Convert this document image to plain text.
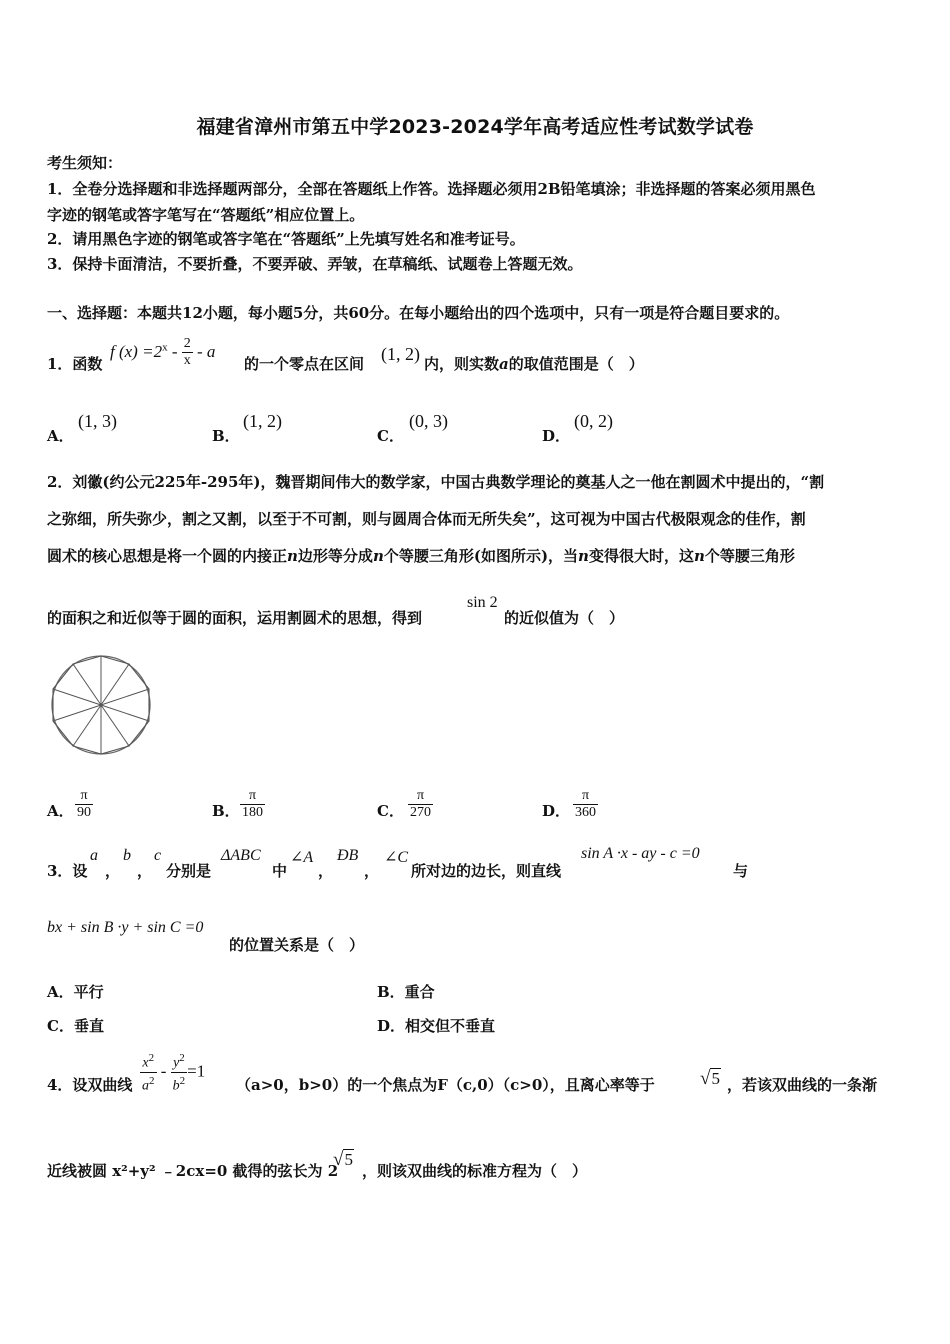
福建省漳州市第五中学2023-2024学年高考适应性考试数学试卷
考生须知：
1．全卷分选择题和非选择题两部分，全部在答题纸上作答。选择题必须用2B铅笔填涂；非选择题的答案必须用黑色
字迹的钢笔或答字笔写在“答题纸”相应位置上。
2．请用黑色字迹的钢笔或答字笔在“答题纸”上先填写姓名和准考证号。
3．保持卡面清洁，不要折叠，不要弄破、弄皱，在草稿纸、试题卷上答题无效。
一、选择题：本题共12小题，每小题5分，共60分。在每小题给出的四个选项中，只有一项是符合题目要求的。
1．函数
f $(x) =2^x - \frac{2}{x} - a$
的一个零点在区间 (1, 2) 内，则实数a的取值范围是（　）
A．
(1, 3)
B．
(1, 2)
C．
(0, 3)
D．
(0, 2)
2．刘徽(约公元225年-295年)，魏晋期间伟大的数学家，中国古典数学理论的奠基人之一他在割圆术中提出的，“割
之弥细，所失弥少，割之又割，以至于不可割，则与圆周合体而无所失矣”，这可视为中国古代极限观念的佳作，割
圆术的核心思想是将一个圆的内接正n边形等分成n个等腰三角形(如图所示)，当n变得很大时，这n个等腰三角形
的面积之和近似等于圆的面积，运用割圆术的思想，得到
sin 2
的近似值为（　）
A． $\frac{\pi}{90}$	B． $\frac{\pi}{180}$	C． $\frac{\pi}{270}$	D． $\frac{\pi}{360}$
3．设
a
，
b
，
c
分别是
ΔABC
中
∠A
，
ÐB
，
∠C
所对边的边长，则直线
sin A ·x - ay - c =0
与
bx + sin B ·y + sin C =0
的位置关系是（　）
A．平行	B．重合
C．垂直	D．相交但不垂直
4．设双曲线 $\frac{x^2}{a^2} - \frac{y^2}{b^2} =1$
（a>0，b>0）的一个焦点为F（c,0）（c>0），且离心率等于 √5 ，若该双曲线的一条渐
近线被圆 x²+y² ﹣2cx=0 截得的弦长为 2
√5
，则该双曲线的标准方程为（　）
